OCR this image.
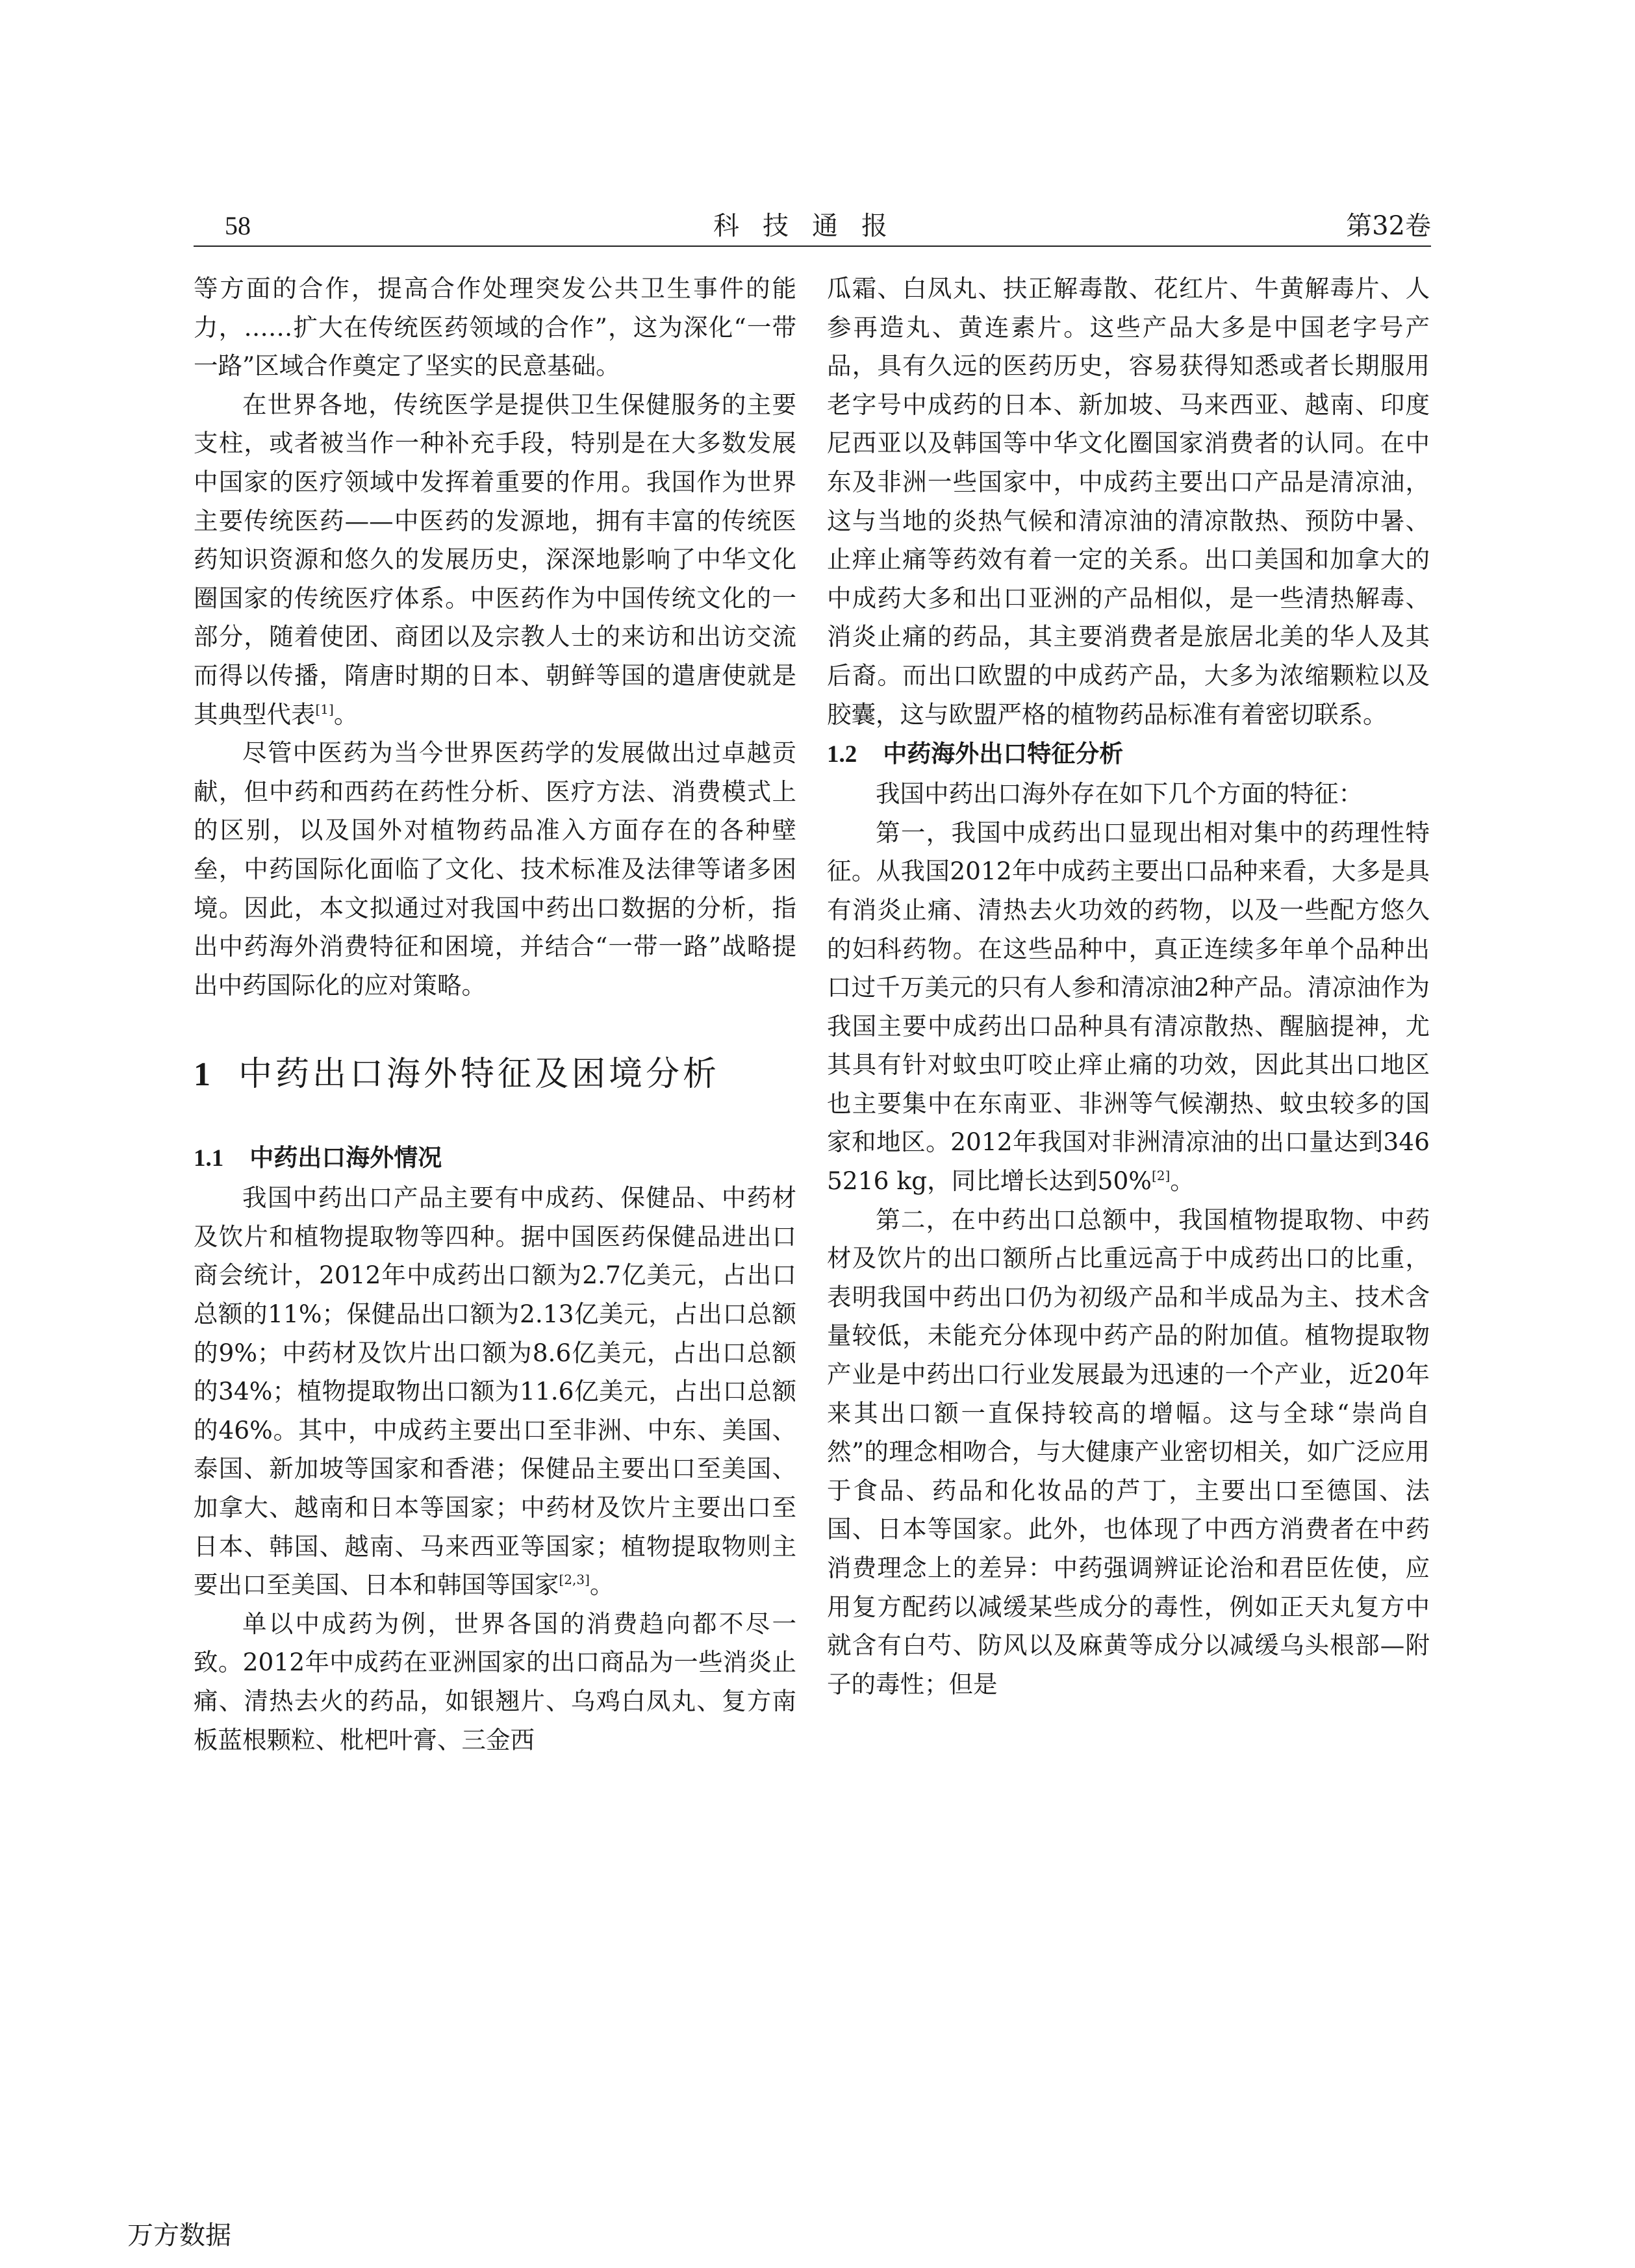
58	科技通报	第32卷

等方面的合作，提高合作处理突发公共卫生事件的能力，……扩大在传统医药领域的合作”，这为深化“一带一路”区域合作奠定了坚实的民意基础。

在世界各地，传统医学是提供卫生保健服务的主要支柱，或者被当作一种补充手段，特别是在大多数发展中国家的医疗领域中发挥着重要的作用。我国作为世界主要传统医药——中医药的发源地，拥有丰富的传统医药知识资源和悠久的发展历史，深深地影响了中华文化圈国家的传统医疗体系。中医药作为中国传统文化的一部分，随着使团、商团以及宗教人士的来访和出访交流而得以传播，隋唐时期的日本、朝鲜等国的遣唐使就是其典型代表[1]。

尽管中医药为当今世界医药学的发展做出过卓越贡献，但中药和西药在药性分析、医疗方法、消费模式上的区别，以及国外对植物药品准入方面存在的各种壁垒，中药国际化面临了文化、技术标准及法律等诸多困境。因此，本文拟通过对我国中药出口数据的分析，指出中药海外消费特征和困境，并结合“一带一路”战略提出中药国际化的应对策略。

1 中药出口海外特征及困境分析
1.1 中药出口海外情况

我国中药出口产品主要有中成药、保健品、中药材及饮片和植物提取物等四种。据中国医药保健品进出口商会统计，2012年中成药出口额为2.7亿美元，占出口总额的11%；保健品出口额为2.13亿美元，占出口总额的9%；中药材及饮片出口额为8.6亿美元，占出口总额的34%；植物提取物出口额为11.6亿美元，占出口总额的46%。其中，中成药主要出口至非洲、中东、美国、泰国、新加坡等国家和香港；保健品主要出口至美国、加拿大、越南和日本等国家；中药材及饮片主要出口至日本、韩国、越南、马来西亚等国家；植物提取物则主要出口至美国、日本和韩国等国家[2,3]。

单以中成药为例，世界各国的消费趋向都不尽一致。2012年中成药在亚洲国家的出口商品为一些消炎止痛、清热去火的药品，如银翘片、乌鸡白凤丸、复方南板蓝根颗粒、枇杷叶膏、三金西

瓜霜、白凤丸、扶正解毒散、花红片、牛黄解毒片、人参再造丸、黄连素片。这些产品大多是中国老字号产品，具有久远的医药历史，容易获得知悉或者长期服用老字号中成药的日本、新加坡、马来西亚、越南、印度尼西亚以及韩国等中华文化圈国家消费者的认同。在中东及非洲一些国家中，中成药主要出口产品是清凉油，这与当地的炎热气候和清凉油的清凉散热、预防中暑、止痒止痛等药效有着一定的关系。出口美国和加拿大的中成药大多和出口亚洲的产品相似，是一些清热解毒、消炎止痛的药品，其主要消费者是旅居北美的华人及其后裔。而出口欧盟的中成药产品，大多为浓缩颗粒以及胶囊，这与欧盟严格的植物药品标准有着密切联系。

1.2 中药海外出口特征分析

我国中药出口海外存在如下几个方面的特征：

第一，我国中成药出口显现出相对集中的药理性特征。从我国2012年中成药主要出口品种来看，大多是具有消炎止痛、清热去火功效的药物，以及一些配方悠久的妇科药物。在这些品种中，真正连续多年单个品种出口过千万美元的只有人参和清凉油2种产品。清凉油作为我国主要中成药出口品种具有清凉散热、醒脑提神，尤其具有针对蚊虫叮咬止痒止痛的功效，因此其出口地区也主要集中在东南亚、非洲等气候潮热、蚊虫较多的国家和地区。2012年我国对非洲清凉油的出口量达到3465216 kg，同比增长达到50%[2]。

第二，在中药出口总额中，我国植物提取物、中药材及饮片的出口额所占比重远高于中成药出口的比重，表明我国中药出口仍为初级产品和半成品为主、技术含量较低，未能充分体现中药产品的附加值。植物提取物产业是中药出口行业发展最为迅速的一个产业，近20年来其出口额一直保持较高的增幅。这与全球“崇尚自然”的理念相吻合，与大健康产业密切相关，如广泛应用于食品、药品和化妆品的芦丁，主要出口至德国、法国、日本等国家。此外，也体现了中西方消费者在中药消费理念上的差异：中药强调辨证论治和君臣佐使，应用复方配药以减缓某些成分的毒性，例如正天丸复方中就含有白芍、防风以及麻黄等成分以减缓乌头根部—附子的毒性；但是

万方数据
